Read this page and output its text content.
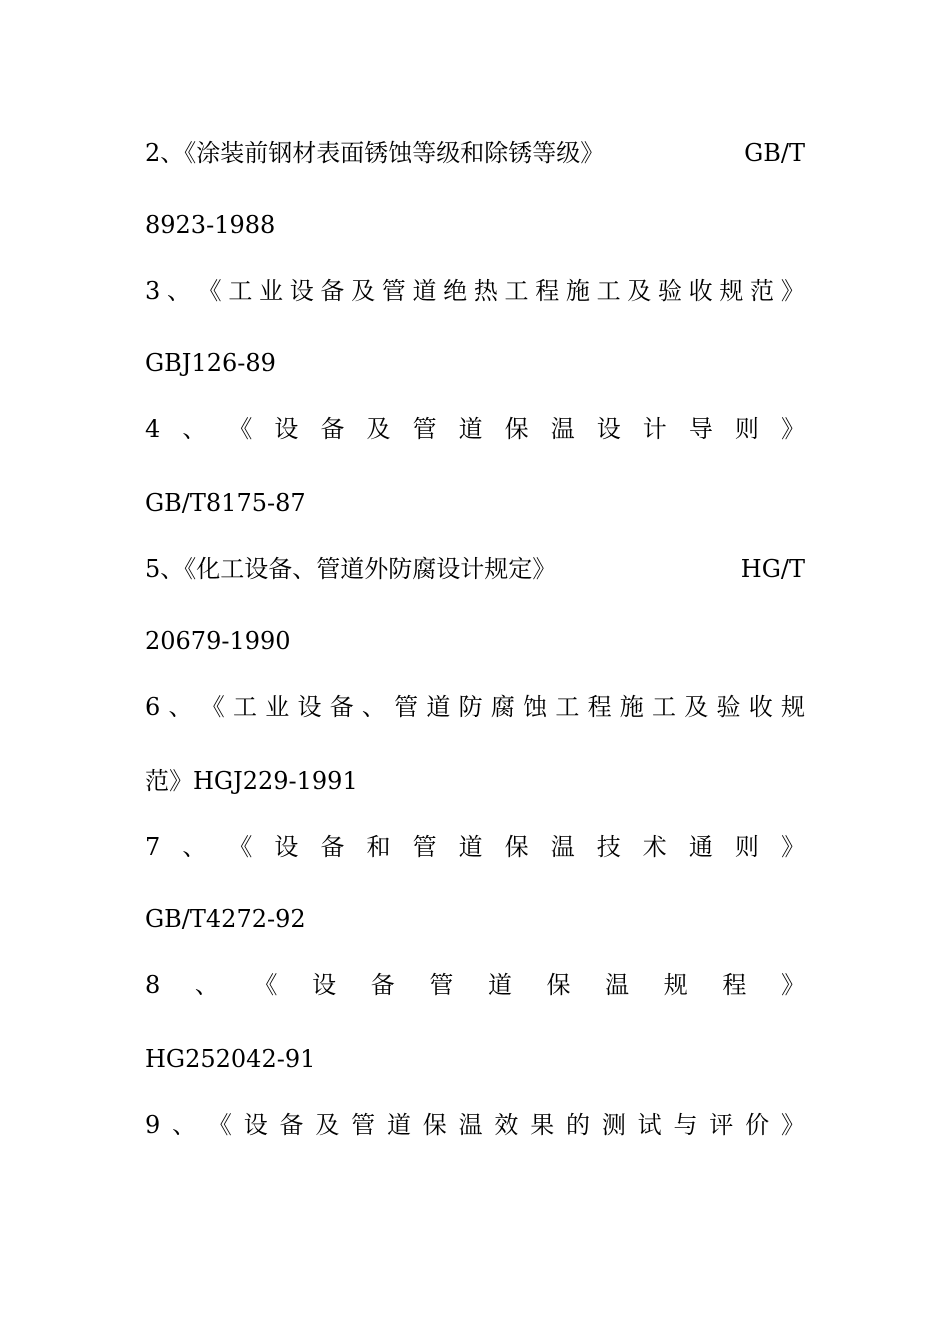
2、《涂装前钢材表面锈蚀等级和除锈等级》	GB/T
8923-1988
3 、 《 工 业 设 备 及 管 道 绝 热 工 程 施 工 及 验 收 规 范 》
GBJ126-89
4 、 《 设 备 及 管 道 保 温 设 计 导 则 》
GB/T8175-87
5、《化工设备、管道外防腐设计规定》	HG/T
20679-1990
6 、 《 工 业 设 备 、 管 道 防 腐 蚀 工 程 施 工 及 验 收 规
范》HGJ229-1991
7 、 《 设 备 和 管 道 保 温 技 术 通 则 》
GB/T4272-92
8 、 《 设 备 管 道 保 温 规 程 》
HG252042-91
9 、 《 设 备 及 管 道 保 温 效 果 的 测 试 与 评 价 》
